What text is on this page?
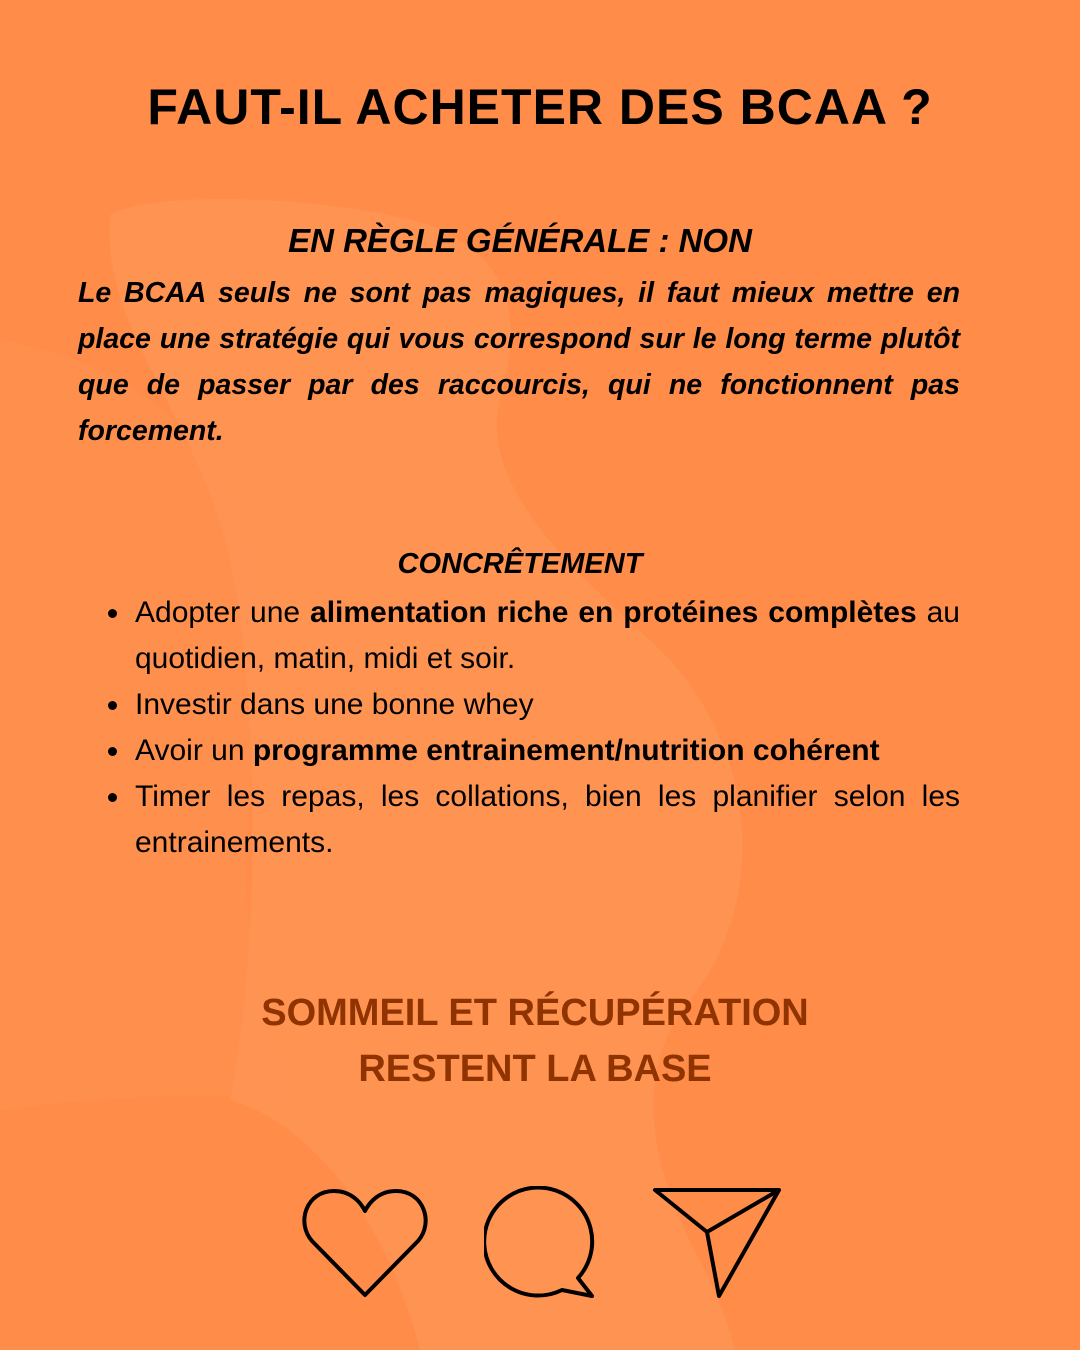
FAUT-IL ACHETER DES BCAA ?
EN RÈGLE GÉNÉRALE : NON

Le BCAA seuls ne sont pas magiques, il faut mieux mettre en place une stratégie qui vous correspond sur le long terme plutôt que de passer par des raccourcis, qui ne fonctionnent pas forcement.

CONCRÊTEMENT
Adopter une alimentation riche en protéines complètes au quotidien, matin, midi et soir.
Investir dans une bonne whey
Avoir un programme entrainement/nutrition cohérent
Timer les repas, les collations, bien les planifier selon les entrainements.
SOMMEIL ET RÉCUPÉRATION
RESTENT LA BASE
